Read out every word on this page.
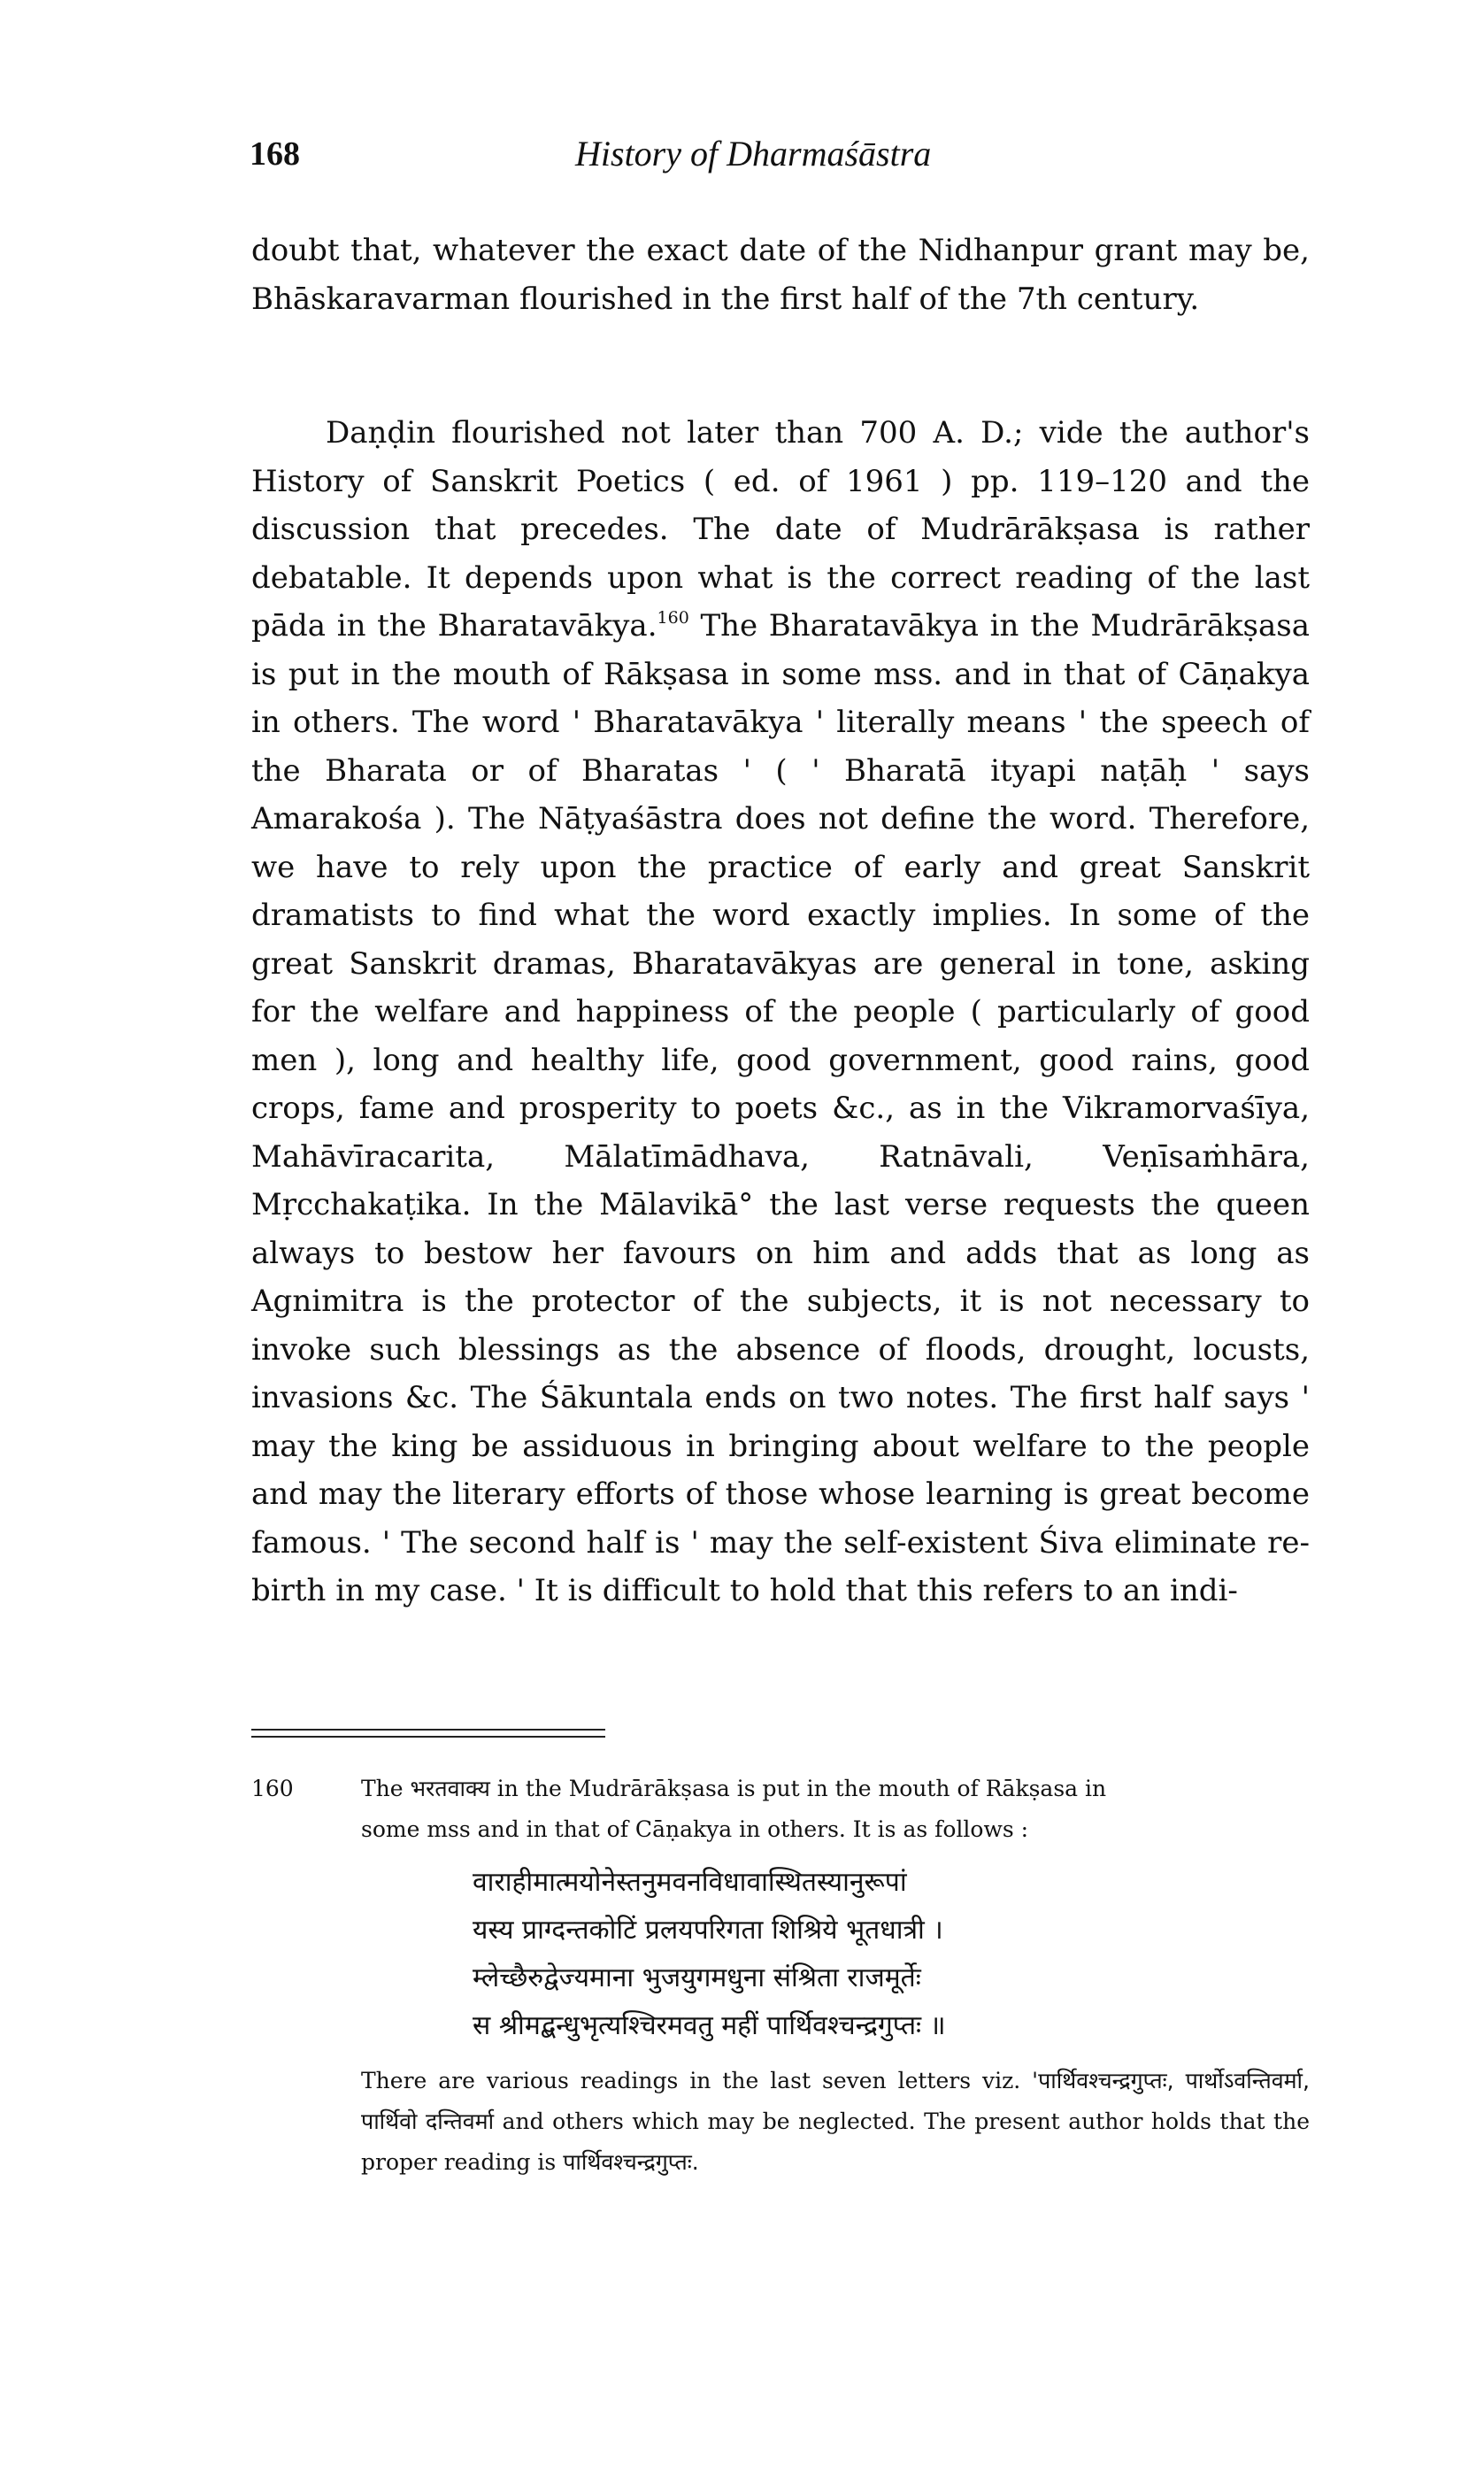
168	History of Dharmaśāstra

doubt that, whatever the exact date of the Nidhanpur grant may be, Bhāskaravarman flourished in the first half of the 7th century.

Daṇḍin flourished not later than 700 A. D.; vide the author's History of Sanskrit Poetics ( ed. of 1961 ) pp. 119–120 and the discussion that precedes. The date of Mudrārākṣasa is rather debatable. It depends upon what is the correct reading of the last pāda in the Bharatavākya.$^{160}$ The Bharatavākya in the Mudrārākṣasa is put in the mouth of Rākṣasa in some mss. and in that of Cāṇakya in others. The word ' Bharatavākya ' literally means ' the speech of the Bharata or of Bharatas ' ( ' Bharatā ityapi naṭāḥ ' says Amarakośa ). The Nāṭyaśāstra does not define the word. Therefore, we have to rely upon the practice of early and great Sanskrit dramatists to find what the word exactly implies. In some of the great Sanskrit dramas, Bharatavākyas are general in tone, asking for the welfare and happiness of the people ( particularly of good men ), long and healthy life, good government, good rains, good crops, fame and prosperity to poets &c., as in the Vikramorvaśīya, Mahāvīracarita, Mālatīmādhava, Ratnāvali, Veṇīsaṁhāra, Mṛcchakaṭika. In the Mālavikā° the last verse requests the queen always to bestow her favours on him and adds that as long as Agnimitra is the protector of the subjects, it is not necessary to invoke such blessings as the absence of floods, drought, locusts, invasions &c. The Śākuntala ends on two notes. The first half says ' may the king be assiduous in bringing about welfare to the people and may the literary efforts of those whose learning is great become famous. ' The second half is ' may the self-existent Śiva eliminate re-birth in my case. ' It is difficult to hold that this refers to an indi-

160	The भरतवाक्य in the Mudrārākṣasa is put in the mouth of Rākṣasa in
some mss and in that of Cāṇakya in others. It is as follows :
वाराहीमात्मयोनेस्तनुमवनविधावास्थितस्यानुरूपां
यस्य प्राग्दन्तकोटिं प्रलयपरिगता शिश्रिये भूतधात्री ।
म्लेच्छैरुद्वेज्यमाना भुजयुगमधुना संश्रिता राजमूर्तेः
स श्रीमद्बन्धुभृत्यश्चिरमवतु महीं पार्थिवश्चन्द्रगुप्तः ॥
There are various readings in the last seven letters viz. 'पार्थिवश्चन्द्रगुप्तः, पार्थोऽवन्तिवर्मा, पार्थिवो दन्तिवर्मा and others which may be neglected. The present author holds that the proper reading is पार्थिवश्चन्द्रगुप्तः.
